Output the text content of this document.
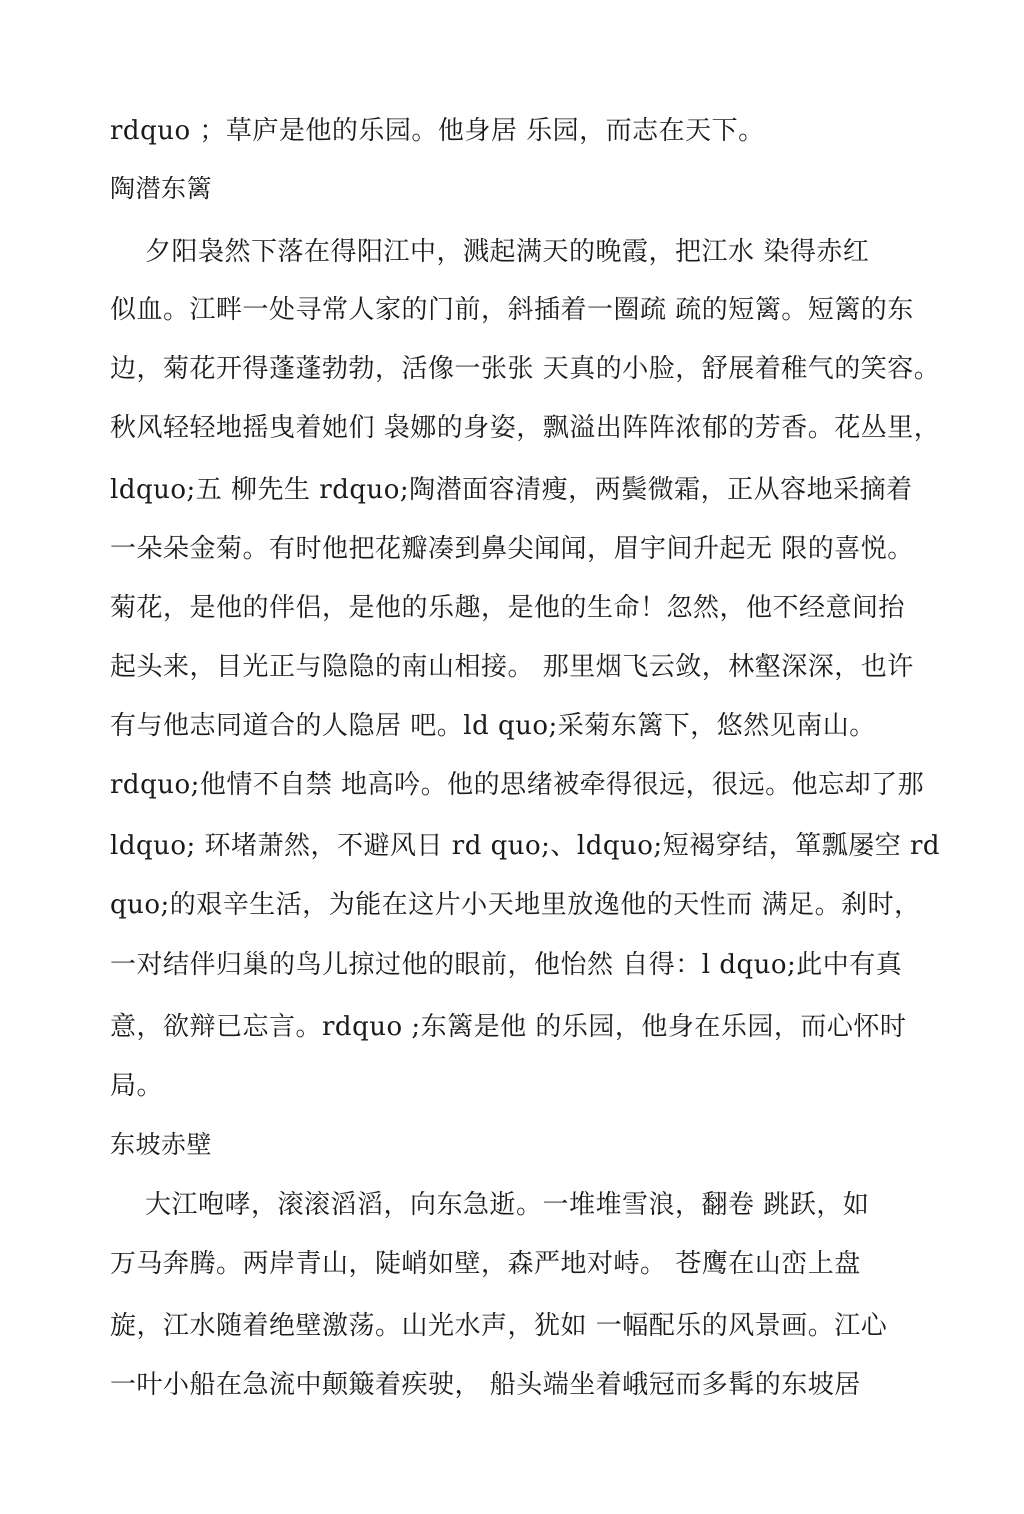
rdquo ；草庐是他的乐园。他身居 乐园，而志在天下。
陶潜东篱
夕阳袅然下落在得阳江中，溅起满天的晚霞，把江水 染得赤红
似血。江畔一处寻常人家的门前，斜插着一圈疏 疏的短篱。短篱的东
边，菊花开得蓬蓬勃勃，活像一张张 天真的小脸，舒展着稚气的笑容。
秋风轻轻地摇曳着她们 袅娜的身姿，飘溢出阵阵浓郁的芳香。花丛里，
ldquo;五 柳先生 rdquo;陶潜面容清瘦，两鬓微霜，正从容地采摘着
一朵朵金菊。有时他把花瓣凑到鼻尖闻闻，眉宇间升起无 限的喜悦。
菊花，是他的伴侣，是他的乐趣，是他的生命！忽然，他不经意间抬
起头来，目光正与隐隐的南山相接。 那里烟飞云敛，林壑深深，也许
有与他志同道合的人隐居 吧。ld quo;采菊东篱下，悠然见南山。
rdquo;他情不自禁 地高吟。他的思绪被牵得很远，很远。他忘却了那
ldquo; 环堵萧然，不避风日 rd quo;、ldquo;短褐穿结，箪瓢屡空 rd
quo;的艰辛生活，为能在这片小天地里放逸他的天性而 满足。刹时，
一对结伴归巢的鸟儿掠过他的眼前，他怡然 自得：l dquo;此中有真
意，欲辩已忘言。rdquo ;东篱是他 的乐园，他身在乐园，而心怀时
局。
东坡赤壁
大江咆哮，滚滚滔滔，向东急逝。一堆堆雪浪，翻卷 跳跃，如
万马奔腾。两岸青山，陡峭如壁，森严地对峙。 苍鹰在山峦上盘
旋，江水随着绝壁激荡。山光水声，犹如 一幅配乐的风景画。江心
一叶小船在急流中颠簸着疾驶， 船头端坐着峨冠而多髯的东坡居
